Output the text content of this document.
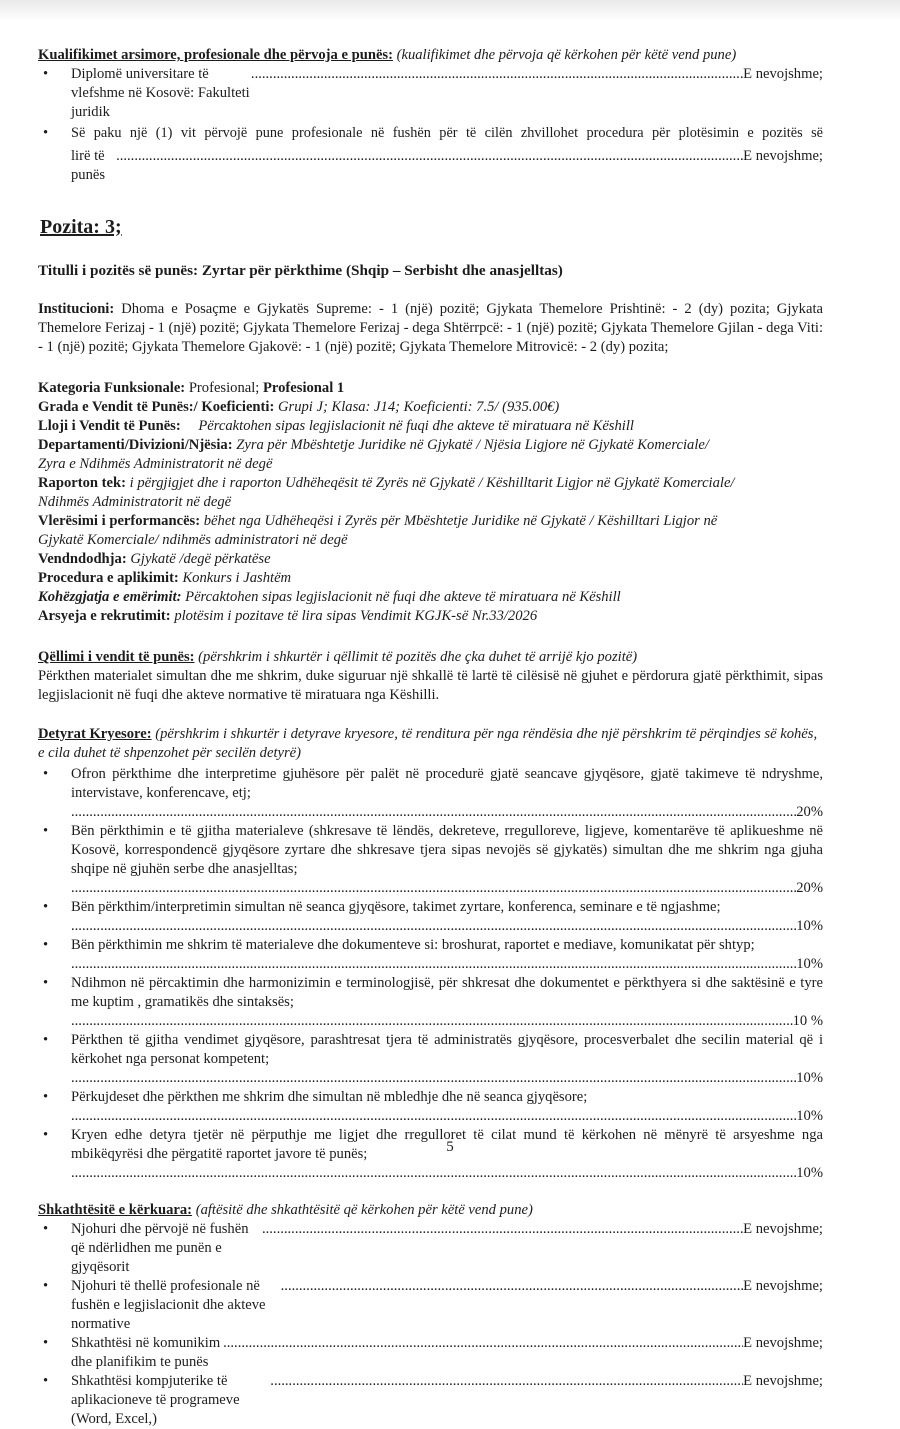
Kualifikimet arsimore, profesionale dhe përvoja e punës: (kualifikimet dhe përvoja që kërkohen për këtë vend pune)

• Diplomë universitare të vlefshme në Kosovë: Fakulteti juridik
.....
E nevojshme;
• Së paku një (1) vit përvojë pune profesionale në fushën për të cilën zhvillohet procedura për plotësimin e pozitës së
lirë të punës
.....
E nevojshme;
Pozita: 3;

Titulli i pozitës së punës: Zyrtar për përkthime (Shqip – Serbisht dhe anasjelltas)

Institucioni: Dhoma e Posaçme e Gjykatës Supreme: - 1 (një) pozitë; Gjykata Themelore Prishtinë: - 2 (dy) pozita; Gjykata Themelore Ferizaj - 1 (një) pozitë; Gjykata Themelore Ferizaj - dega Shtërrpcë: - 1 (një) pozitë; Gjykata Themelore Gjilan - dega Viti: - 1 (një) pozitë; Gjykata Themelore Gjakovë: - 1 (një) pozitë; Gjykata Themelore Mitrovicë: - 2 (dy) pozita;

Kategoria Funksionale: Profesional; Profesional 1

Grada e Vendit të Punës:/ Koeficienti: Grupi J; Klasa: J14; Koeficienti: 7.5/ (935.00€)

Lloji i Vendit të Punës: Përcaktohen sipas legjislacionit në fuqi dhe akteve të miratuara në Këshill

Departamenti/Divizioni/Njësia: Zyra për Mbështetje Juridike në Gjykatë / Njësia Ligjore në Gjykatë Komerciale/

Zyra e Ndihmës Administratorit në degë

Raporton tek: i përgjigjet dhe i raporton Udhëheqësit të Zyrës në Gjykatë / Këshilltarit Ligjor në Gjykatë Komerciale/

Ndihmës Administratorit në degë

Vlerësimi i performancës: bëhet nga Udhëheqësi i Zyrës për Mbështetje Juridike në Gjykatë / Këshilltari Ligjor në

Gjykatë Komerciale/ ndihmës administratori në degë

Vendndodhja: Gjykatë /degë përkatëse

Procedura e aplikimit: Konkurs i Jashtëm

Kohëzgjatja e emërimit: Përcaktohen sipas legjislacionit në fuqi dhe akteve të miratuara në Këshill

Arsyeja e rekrutimit: plotësim i pozitave të lira sipas Vendimit KGJK-së Nr.33/2026

Qëllimi i vendit të punës: (përshkrim i shkurtër i qëllimit të pozitës dhe çka duhet të arrijë kjo pozitë)

Përkthen materialet simultan dhe me shkrim, duke siguruar një shkallë të lartë të cilësisë në gjuhet e përdorura gjatë përkthimit, sipas legjislacionit në fuqi dhe akteve normative të miratuara nga Këshilli.

Detyrat Kryesore: (përshkrim i shkurtër i detyrave kryesore, të renditura për nga rëndësia dhe një përshkrim të përqindjes së kohës, e cila duhet të shpenzohet për secilën detyrë)

• Ofron përkthime dhe interpretime gjuhësore për palët në procedurë gjatë seancave gjyqësore, gjatë takimeve të ndryshme, intervistave, konferencave, etj;
.....
20%
• Bën përkthimin e të gjitha materialeve (shkresave të lëndës, dekreteve, rregulloreve, ligjeve, komentarëve të aplikueshme në Kosovë, korrespondencë gjyqësore zyrtare dhe shkresave tjera sipas nevojës së gjykatës) simultan dhe me shkrim nga gjuha shqipe në gjuhën serbe dhe anasjelltas;
.....
20%
• Bën përkthim/interpretimin simultan në seanca gjyqësore, takimet zyrtare, konferenca, seminare e të ngjashme;
.....
10%
• Bën përkthimin me shkrim të materialeve dhe dokumenteve si: broshurat, raportet e mediave, komunikatat për shtyp;
.....
10%
• Ndihmon në përcaktimin dhe harmonizimin e terminologjisë, për shkresat dhe dokumentet e përkthyera si dhe saktësinë e tyre me kuptim , gramatikës dhe sintaksës;
.....
10 %
• Përkthen të gjitha vendimet gjyqësore, parashtresat tjera të administratës gjyqësore, procesverbalet dhe secilin material që i kërkohet nga personat kompetent;
.....
10%
• Përkujdeset dhe përkthen me shkrim dhe simultan në mbledhje dhe në seanca gjyqësore;
.....
10%
• Kryen edhe detyra tjetër në përputhje me ligjet dhe rregulloret të cilat mund të kërkohen në mënyrë të arsyeshme nga mbikëqyrësi dhe përgatitë raportet javore të punës;
.....
10%

Shkathtësitë e kërkuara: (aftësitë dhe shkathtësitë që kërkohen për këtë vend pune)

• Njohuri dhe përvojë në fushën që ndërlidhen me punën e gjyqësorit
.....
E nevojshme;
• Njohuri të thellë profesionale në fushën e legjislacionit dhe akteve normative
.....
E nevojshme;
• Shkathtësi në komunikim dhe planifikim te punës
.....
E nevojshme;
• Shkathtësi kompjuterike të aplikacioneve të programeve (Word, Excel,)
.....
E nevojshme;
5
